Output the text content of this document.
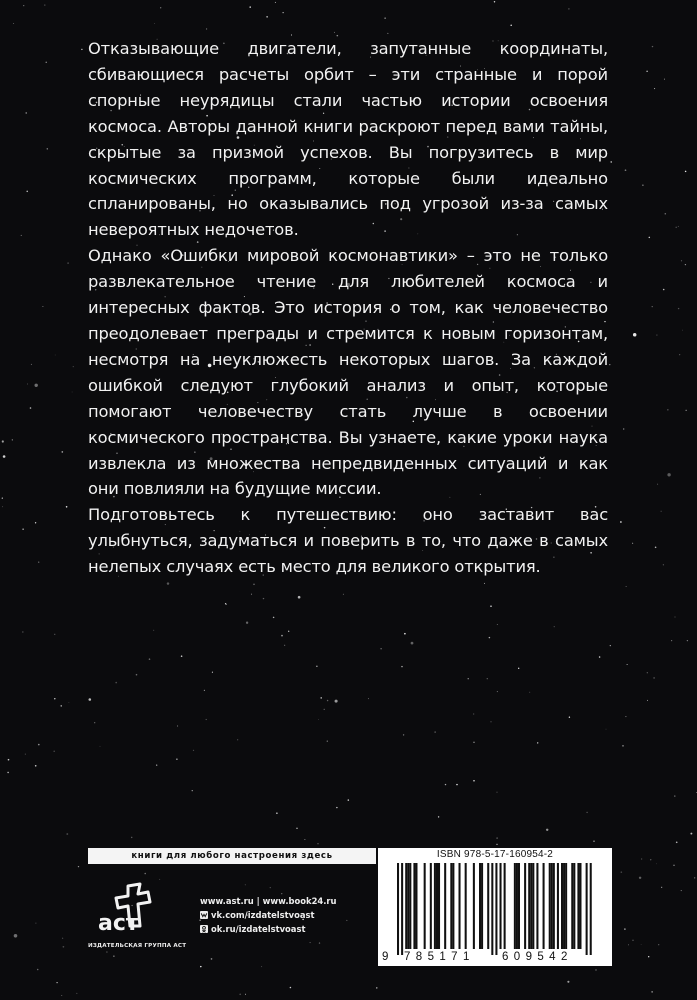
Отказывающие двигатели, запутанные координаты, сбивающиеся расчеты орбит – эти странные и порой спорные неурядицы стали частью истории освоения космоса. Авторы данной книги раскроют перед вами тайны, скрытые за призмой успехов. Вы погрузитесь в мир космических программ, которые были идеально спланированы, но оказывались под угрозой из-за самых невероятных недочетов.

Однако «Ошибки мировой космонавтики» – это не только развлекательное чтение для любителей космоса и интересных фактов. Это история о том, как человечество преодолевает преграды и стремится к новым горизонтам, несмотря на неуклюжесть некоторых шагов. За каждой ошибкой следуют глубокий анализ и опыт, которые помогают человечеству стать лучше в освоении космического пространства. Вы узнаете, какие уроки наука извлекла из множества непредвиденных ситуаций и как они повлияли на будущие миссии.

Подготовьтесь к путешествию: оно заставит вас улыбнуться, задуматься и поверить в то, что даже в самых нелепых случаях есть место для великого открытия.

книги для любого настроения здесь
аст
ИЗДАТЕЛЬСКАЯ ГРУППА АСТ
www.ast.ru | www.book24.ru
vk.com/izdatelstvoast
ok.ru/izdatelstvoast
ISBN 978-5-17-160954-2
9 785171 609542
